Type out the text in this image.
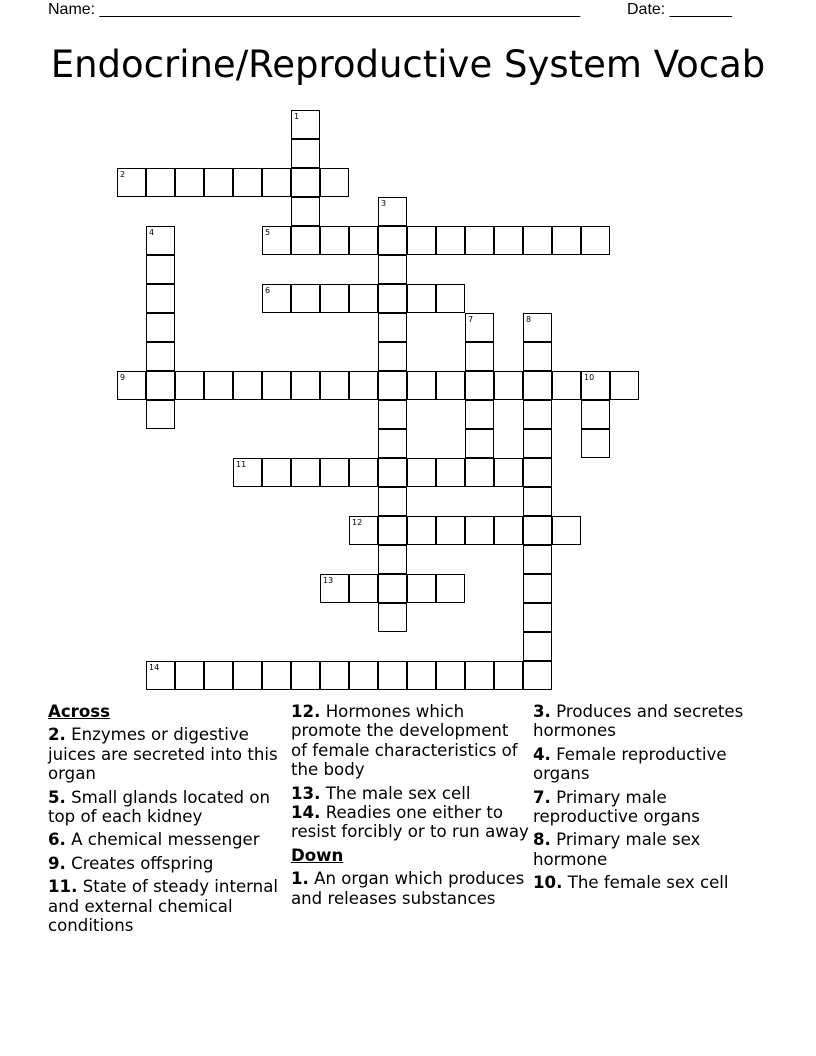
Name: ______________________________________________________	Date: _______
Endocrine/Reproductive System Vocab
1
2
3
4	5
6
7	8
9	10
11
12
13
14
Across
2. Enzymes or digestive juices are secreted into this organ
5. Small glands located on top of each kidney
6. A chemical messenger
9. Creates offspring
11. State of steady internal and external chemical conditions
12. Hormones which promote the development of female characteristics of the body
13. The male sex cell
14. Readies one either to resist forcibly or to run away
Down
1. An organ which produces and releases substances
3. Produces and secretes hormones
4. Female reproductive organs
7. Primary male reproductive organs
8. Primary male sex hormone
10. The female sex cell
